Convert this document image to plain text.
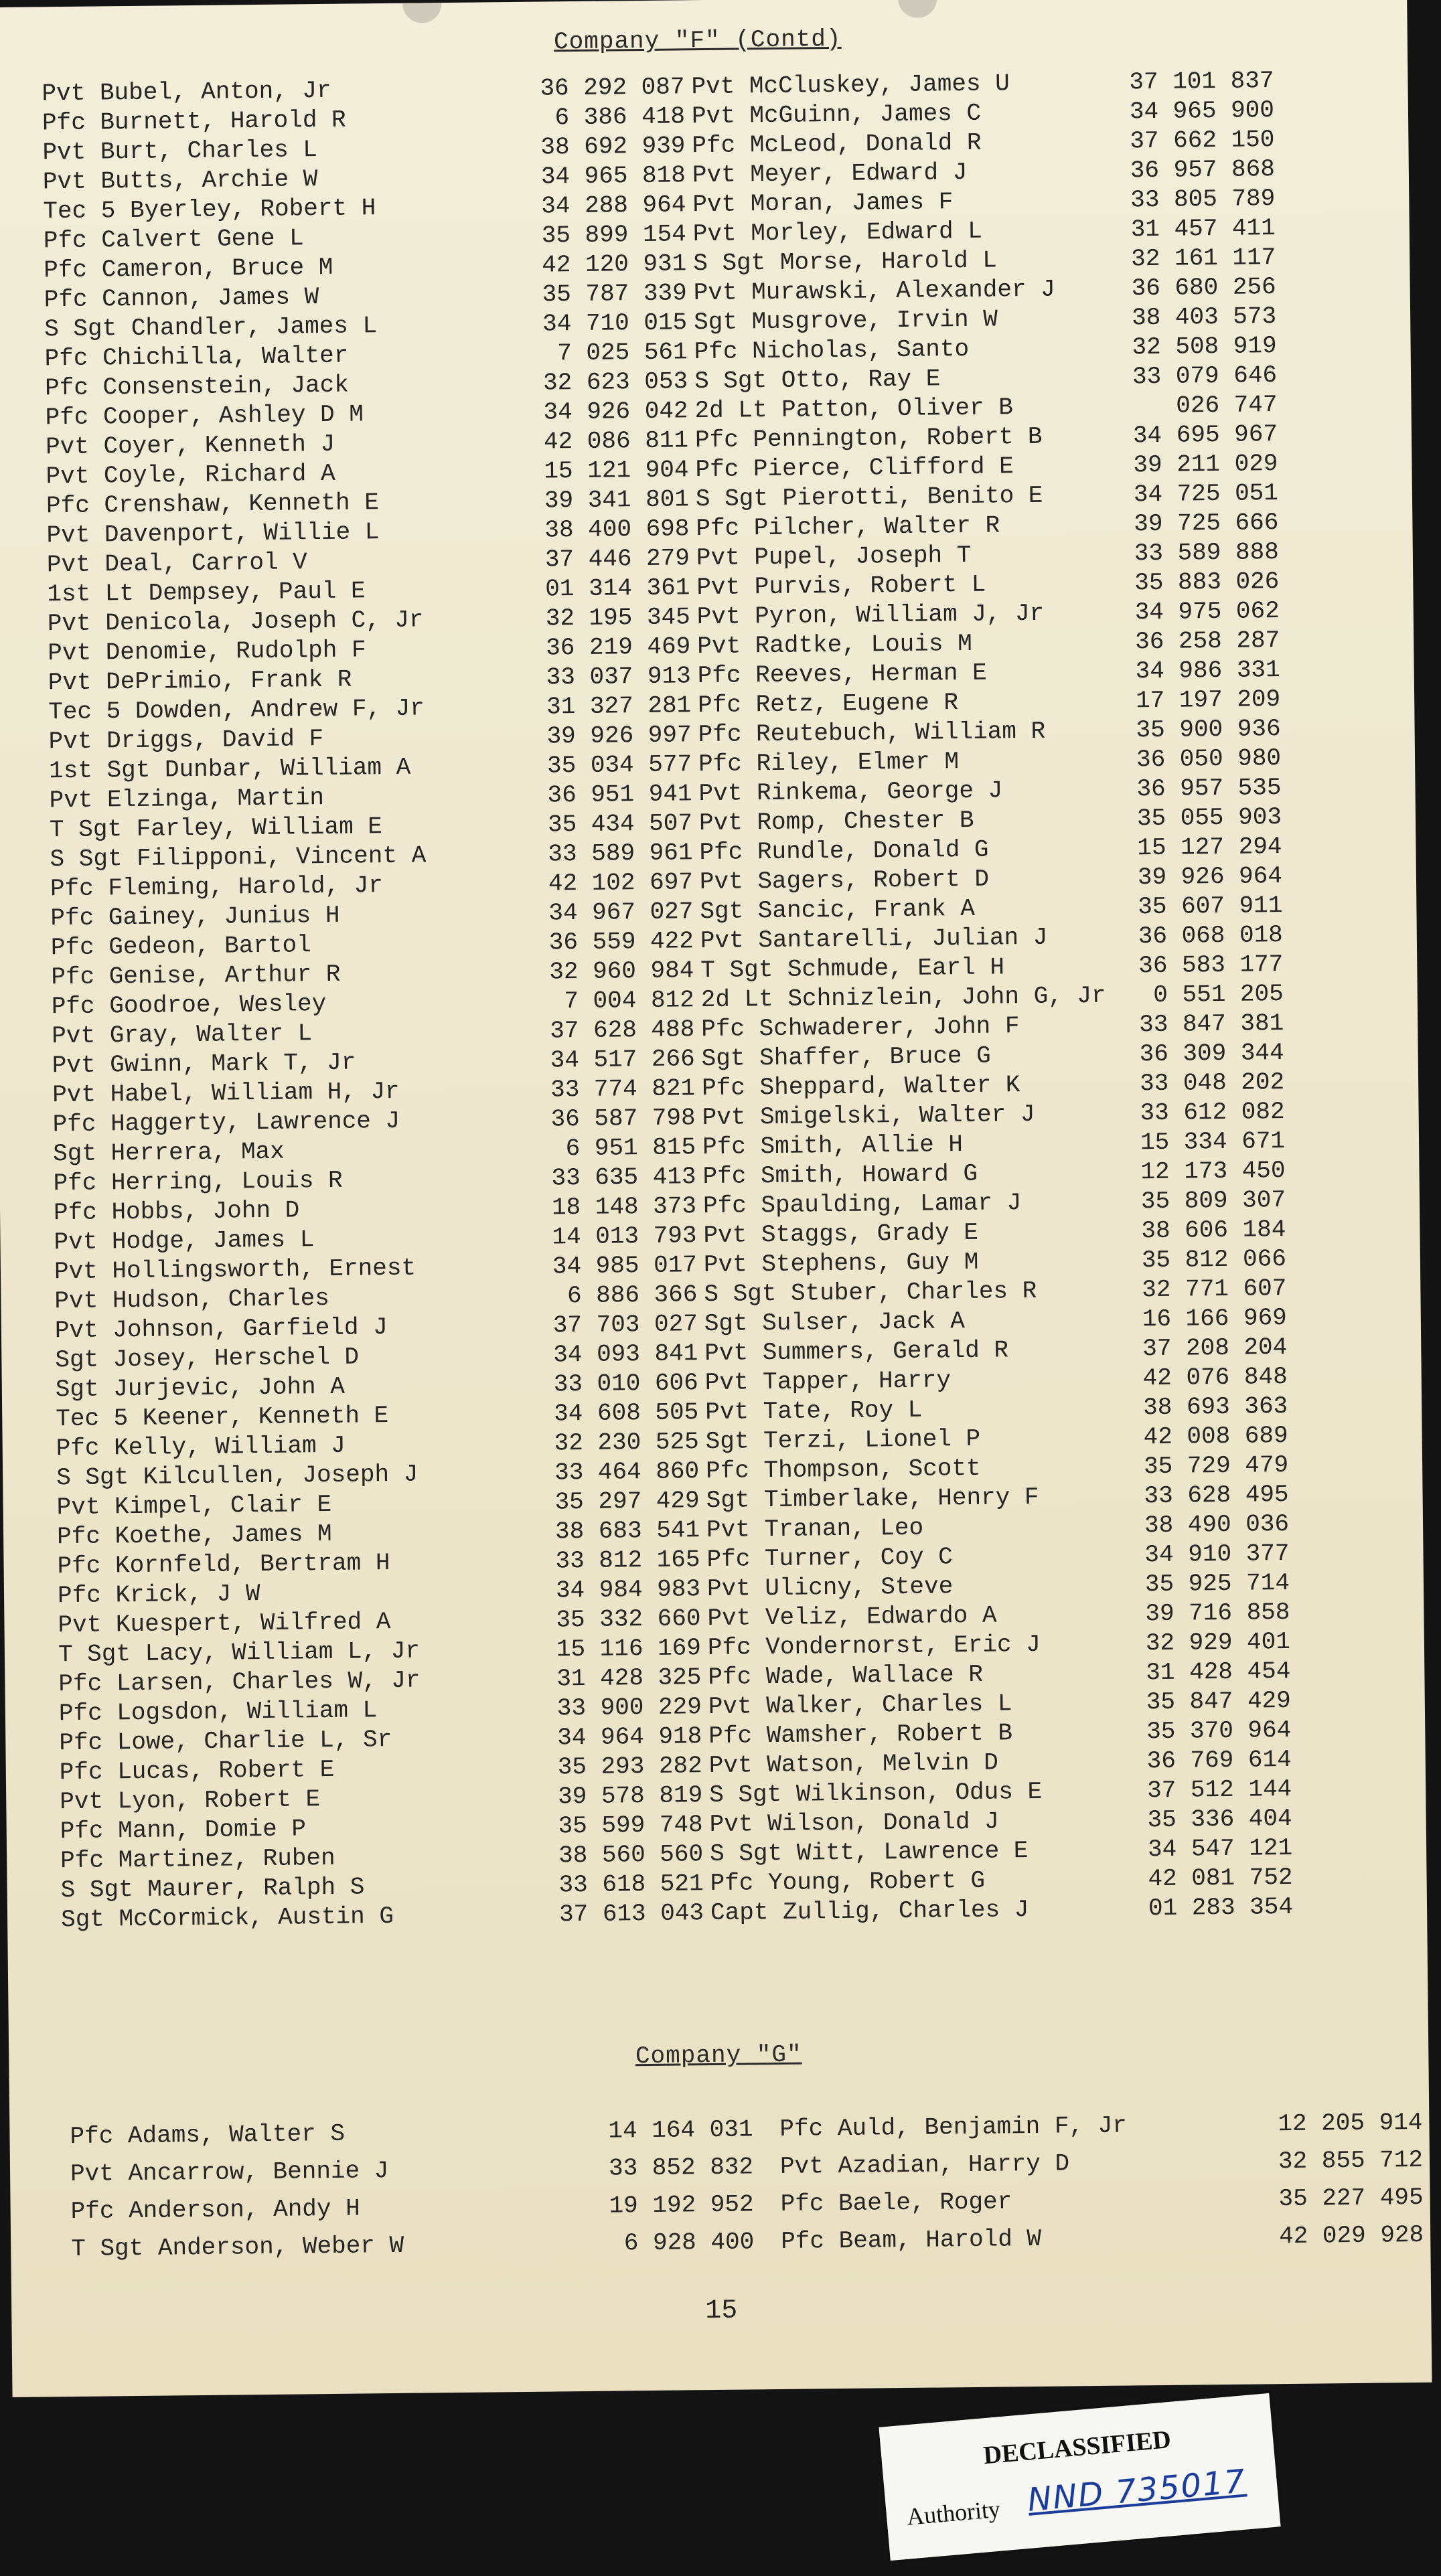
Company "F" (Contd)
Pvt Bubel, Anton, Jr	36 292 087
Pfc Burnett, Harold R	6 386 418
Pvt Burt, Charles L	38 692 939
Pvt Butts, Archie W	34 965 818
Tec 5 Byerley, Robert H	34 288 964
Pfc Calvert Gene L	35 899 154
Pfc Cameron, Bruce M	42 120 931
Pfc Cannon, James W	35 787 339
S Sgt Chandler, James L	34 710 015
Pfc Chichilla, Walter	7 025 561
Pfc Consenstein, Jack	32 623 053
Pfc Cooper, Ashley D M	34 926 042
Pvt Coyer, Kenneth J	42 086 811
Pvt Coyle, Richard A	15 121 904
Pfc Crenshaw, Kenneth E	39 341 801
Pvt Davenport, Willie L	38 400 698
Pvt Deal, Carrol V	37 446 279
1st Lt Dempsey, Paul E	01 314 361
Pvt Denicola, Joseph C, Jr	32 195 345
Pvt Denomie, Rudolph F	36 219 469
Pvt DePrimio, Frank R	33 037 913
Tec 5 Dowden, Andrew F, Jr	31 327 281
Pvt Driggs, David F	39 926 997
1st Sgt Dunbar, William A	35 034 577
Pvt Elzinga, Martin	36 951 941
T Sgt Farley, William E	35 434 507
S Sgt Filipponi, Vincent A	33 589 961
Pfc Fleming, Harold, Jr	42 102 697
Pfc Gainey, Junius H	34 967 027
Pfc Gedeon, Bartol	36 559 422
Pfc Genise, Arthur R	32 960 984
Pfc Goodroe, Wesley	7 004 812
Pvt Gray, Walter L	37 628 488
Pvt Gwinn, Mark T, Jr	34 517 266
Pvt Habel, William H, Jr	33 774 821
Pfc Haggerty, Lawrence J	36 587 798
Sgt Herrera, Max	6 951 815
Pfc Herring, Louis R	33 635 413
Pfc Hobbs, John D	18 148 373
Pvt Hodge, James L	14 013 793
Pvt Hollingsworth, Ernest	34 985 017
Pvt Hudson, Charles	6 886 366
Pvt Johnson, Garfield J	37 703 027
Sgt Josey, Herschel D	34 093 841
Sgt Jurjevic, John A	33 010 606
Tec 5 Keener, Kenneth E	34 608 505
Pfc Kelly, William J	32 230 525
S Sgt Kilcullen, Joseph J	33 464 860
Pvt Kimpel, Clair E	35 297 429
Pfc Koethe, James M	38 683 541
Pfc Kornfeld, Bertram H	33 812 165
Pfc Krick, J W	34 984 983
Pvt Kuespert, Wilfred A	35 332 660
T Sgt Lacy, William L, Jr	15 116 169
Pfc Larsen, Charles W, Jr	31 428 325
Pfc Logsdon, William L	33 900 229
Pfc Lowe, Charlie L, Sr	34 964 918
Pfc Lucas, Robert E	35 293 282
Pvt Lyon, Robert E	39 578 819
Pfc Mann, Domie P	35 599 748
Pfc Martinez, Ruben	38 560 560
S Sgt Maurer, Ralph S	33 618 521
Sgt McCormick, Austin G	37 613 043
Pvt McCluskey, James U	37 101 837
Pvt McGuinn, James C	34 965 900
Pfc McLeod, Donald R	37 662 150
Pvt Meyer, Edward J	36 957 868
Pvt Moran, James F	33 805 789
Pvt Morley, Edward L	31 457 411
S Sgt Morse, Harold L	32 161 117
Pvt Murawski, Alexander J	36 680 256
Sgt Musgrove, Irvin W	38 403 573
Pfc Nicholas, Santo	32 508 919
S Sgt Otto, Ray E	33 079 646
2d Lt Patton, Oliver B	026 747
Pfc Pennington, Robert B	34 695 967
Pfc Pierce, Clifford E	39 211 029
S Sgt Pierotti, Benito E	34 725 051
Pfc Pilcher, Walter R	39 725 666
Pvt Pupel, Joseph T	33 589 888
Pvt Purvis, Robert L	35 883 026
Pvt Pyron, William J, Jr	34 975 062
Pvt Radtke, Louis M	36 258 287
Pfc Reeves, Herman E	34 986 331
Pfc Retz, Eugene R	17 197 209
Pfc Reutebuch, William R	35 900 936
Pfc Riley, Elmer M	36 050 980
Pvt Rinkema, George J	36 957 535
Pvt Romp, Chester B	35 055 903
Pfc Rundle, Donald G	15 127 294
Pvt Sagers, Robert D	39 926 964
Sgt Sancic, Frank A	35 607 911
Pvt Santarelli, Julian J	36 068 018
T Sgt Schmude, Earl H	36 583 177
2d Lt Schnizlein, John G, Jr 0 551 205
Pfc Schwaderer, John F	33 847 381
Sgt Shaffer, Bruce G	36 309 344
Pfc Sheppard, Walter K	33 048 202
Pvt Smigelski, Walter J	33 612 082
Pfc Smith, Allie H	15 334 671
Pfc Smith, Howard G	12 173 450
Pfc Spaulding, Lamar J	35 809 307
Pvt Staggs, Grady E	38 606 184
Pvt Stephens, Guy M	35 812 066
S Sgt Stuber, Charles R	32 771 607
Sgt Sulser, Jack A	16 166 969
Pvt Summers, Gerald R	37 208 204
Pvt Tapper, Harry	42 076 848
Pvt Tate, Roy L	38 693 363
Sgt Terzi, Lionel P	42 008 689
Pfc Thompson, Scott	35 729 479
Sgt Timberlake, Henry F	33 628 495
Pvt Tranan, Leo	38 490 036
Pfc Turner, Coy C	34 910 377
Pvt Ulicny, Steve	35 925 714
Pvt Veliz, Edwardo A	39 716 858
Pfc Vondernorst, Eric J	32 929 401
Pfc Wade, Wallace R	31 428 454
Pvt Walker, Charles L	35 847 429
Pfc Wamsher, Robert B	35 370 964
Pvt Watson, Melvin D	36 769 614
S Sgt Wilkinson, Odus E	37 512 144
Pvt Wilson, Donald J	35 336 404
S Sgt Witt, Lawrence E	34 547 121
Pfc Young, Robert G	42 081 752
Capt Zullig, Charles J	01 283 354
Company "G"
Pfc Adams, Walter S	14 164 031
Pvt Ancarrow, Bennie J	33 852 832
Pfc Anderson, Andy H	19 192 952
T Sgt Anderson, Weber W	6 928 400
Pfc Auld, Benjamin F, Jr	12 205 914
Pvt Azadian, Harry D	32 855 712
Pfc Baele, Roger	35 227 495
Pfc Beam, Harold W	42 029 928
15
DECLASSIFIED
Authority NND 735017
